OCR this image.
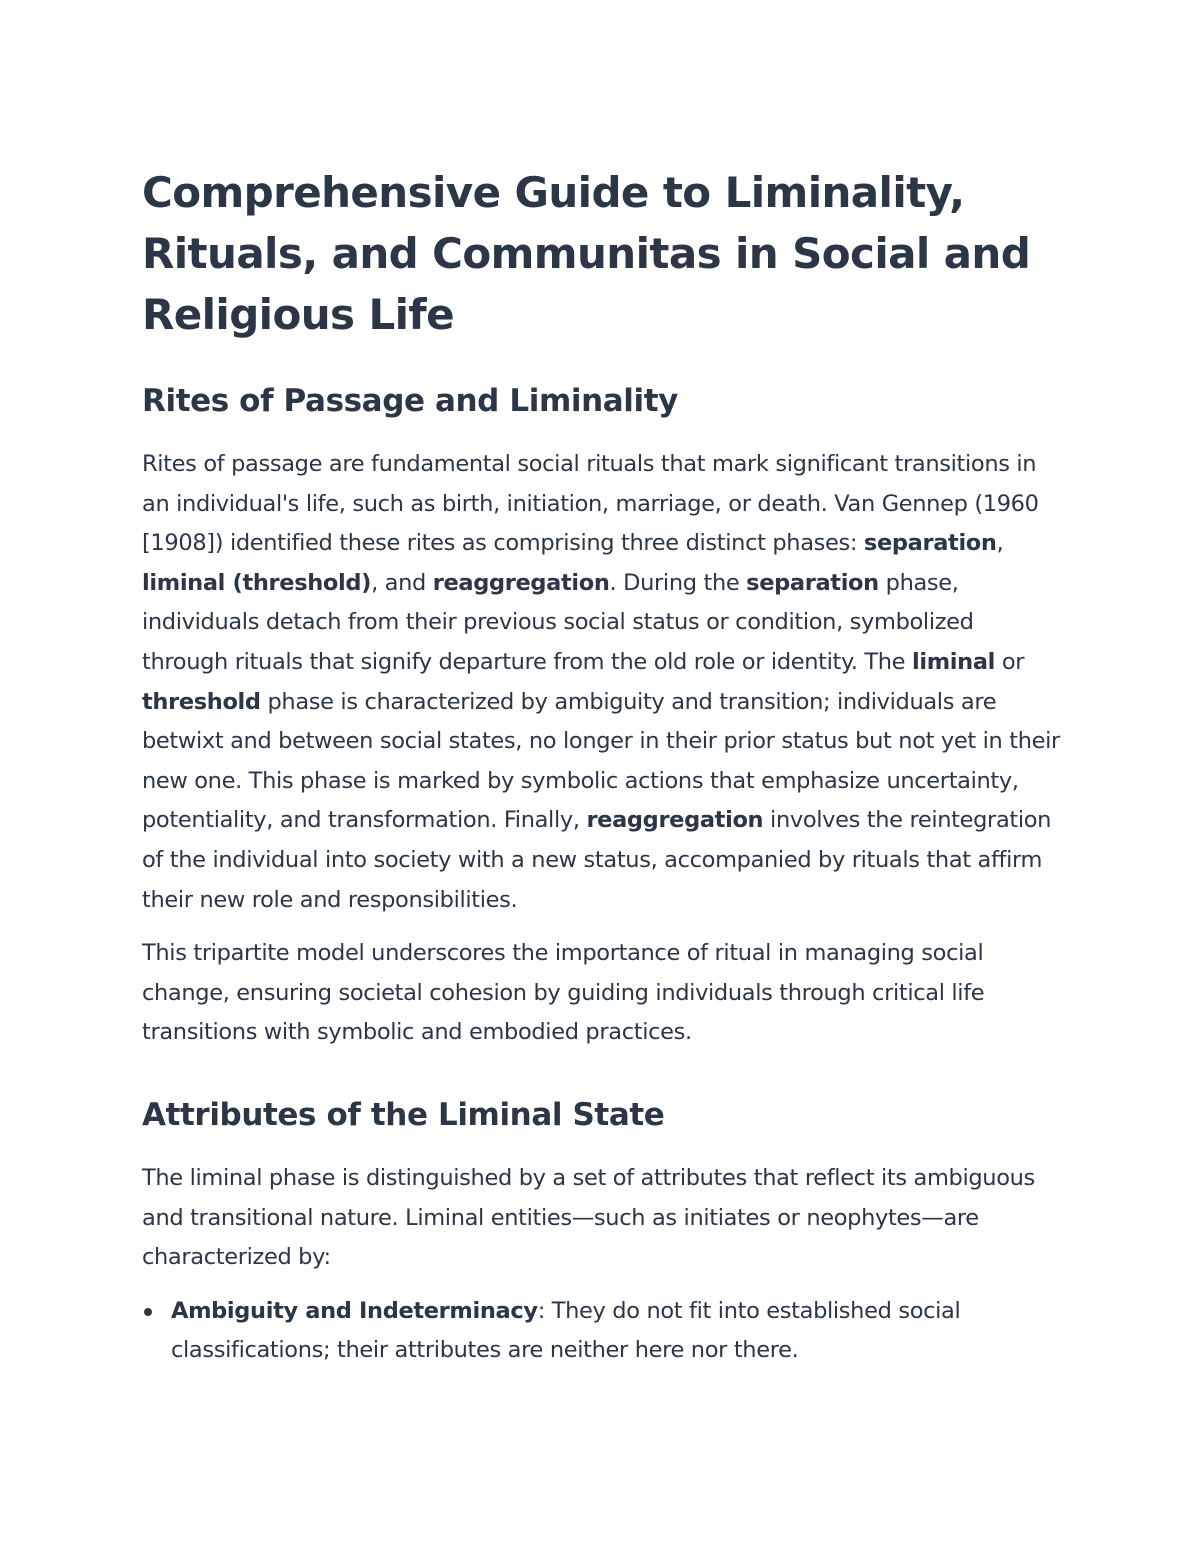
Comprehensive Guide to Liminality, Rituals, and Communitas in Social and Religious Life
Rites of Passage and Liminality

Rites of passage are fundamental social rituals that mark significant transitions in an individual's life, such as birth, initiation, marriage, or death. Van Gennep (1960 [1908]) identified these rites as comprising three distinct phases: separation, liminal (threshold), and reaggregation. During the separation phase, individuals detach from their previous social status or condition, symbolized through rituals that signify departure from the old role or identity. The liminal or threshold phase is characterized by ambiguity and transition; individuals are betwixt and between social states, no longer in their prior status but not yet in their new one. This phase is marked by symbolic actions that emphasize uncertainty, potentiality, and transformation. Finally, reaggregation involves the reintegration of the individual into society with a new status, accompanied by rituals that affirm their new role and responsibilities.

This tripartite model underscores the importance of ritual in managing social change, ensuring societal cohesion by guiding individuals through critical life transitions with symbolic and embodied practices.

Attributes of the Liminal State

The liminal phase is distinguished by a set of attributes that reflect its ambiguous and transitional nature. Liminal entities—such as initiates or neophytes—are characterized by:

Ambiguity and Indeterminacy: They do not fit into established social classifications; their attributes are neither here nor there.
